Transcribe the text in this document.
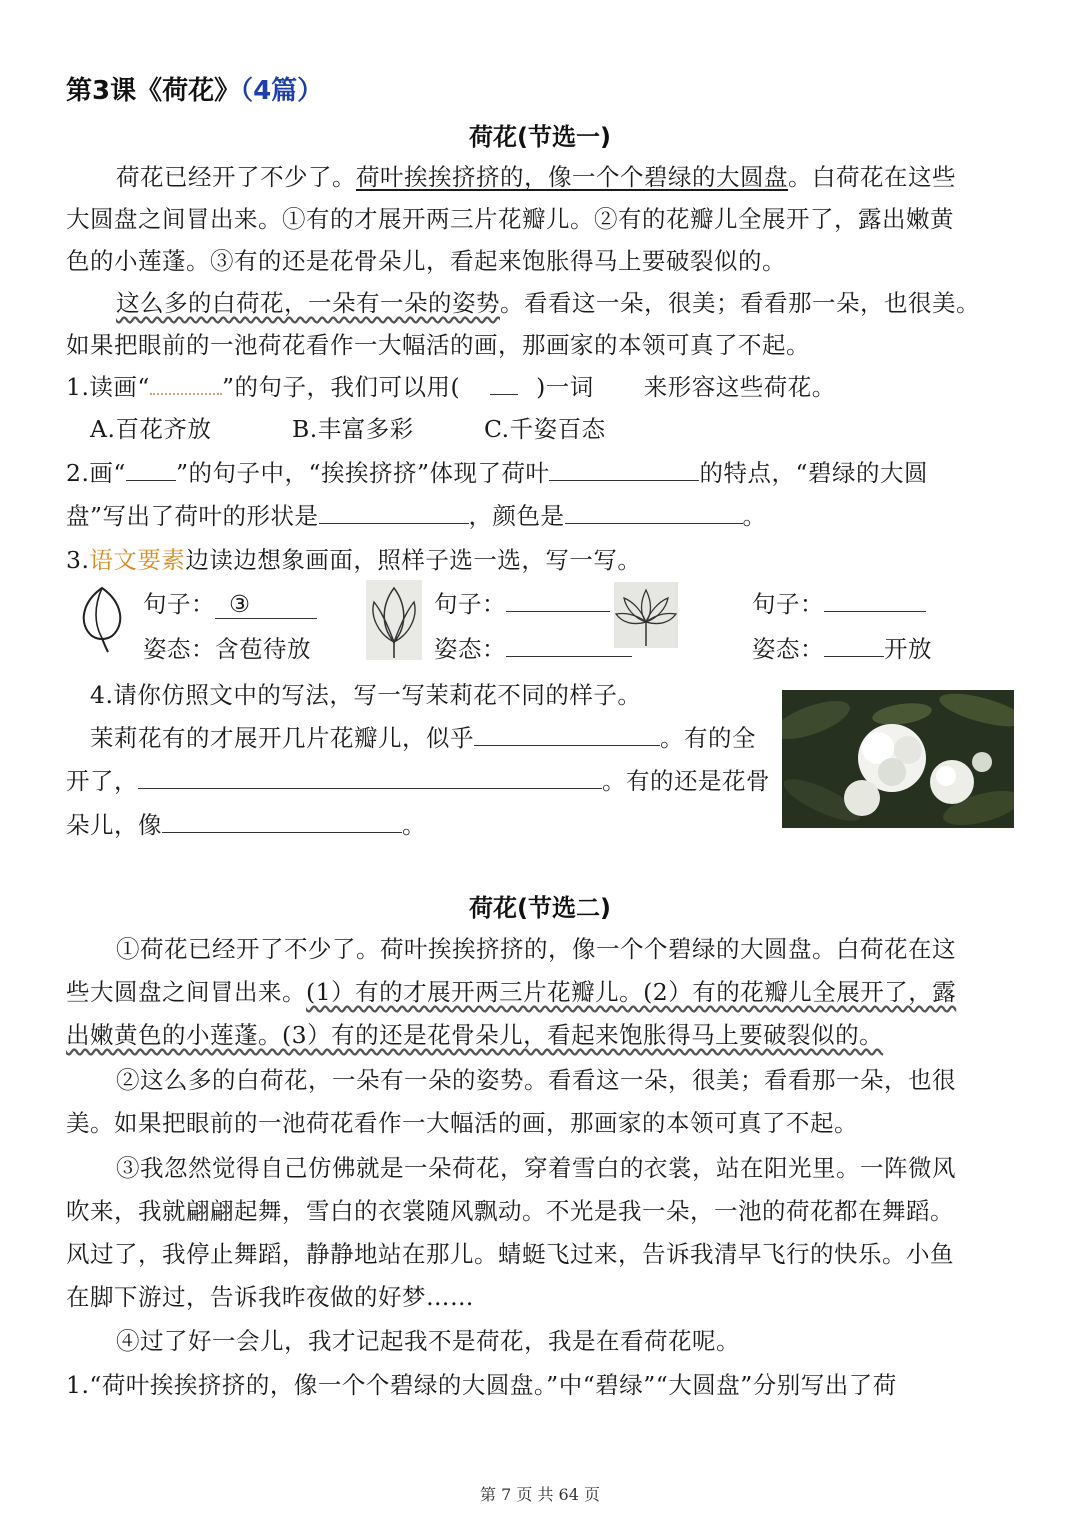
第3课《荷花》（4篇）
荷花(节选一)
荷花已经开了不少了。荷叶挨挨挤挤的，像一个个碧绿的大圆盘。白荷花在这些
大圆盘之间冒出来。①有的才展开两三片花瓣儿。②有的花瓣儿全展开了，露出嫩黄
色的小莲蓬。③有的还是花骨朵儿，看起来饱胀得马上要破裂似的。
这么多的白荷花，一朵有一朵的姿势。看看这一朵，很美；看看那一朵，也很美。
如果把眼前的一池荷花看作一大幅活的画，那画家的本领可真了不起。
1.读画“	”的句子，我们可以用(	)一词 来形容这些荷花。
A.百花齐放	B.丰富多彩	C.千姿百态
2.画“ ”的句子中，“挨挨挤挤”体现了荷叶	的特点，“碧绿的大圆
盘”写出了荷叶的形状是	，颜色是	。
3.语文要素边读边想象画面，照样子选一选，写一写。
句子： ③
姿态：含苞待放
句子：
姿态：
句子：
姿态：	开放
4.请你仿照文中的写法，写一写茉莉花不同的样子。
茉莉花有的才展开几片花瓣儿，似乎	。有的全
开了，	。有的还是花骨
朵儿，像	。
荷花(节选二)
①荷花已经开了不少了。荷叶挨挨挤挤的，像一个个碧绿的大圆盘。白荷花在这
些大圆盘之间冒出来。(1）有的才展开两三片花瓣儿。(2）有的花瓣儿全展开了，露
出嫩黄色的小莲蓬。(3）有的还是花骨朵儿，看起来饱胀得马上要破裂似的。
②这么多的白荷花，一朵有一朵的姿势。看看这一朵，很美；看看那一朵，也很
美。如果把眼前的一池荷花看作一大幅活的画，那画家的本领可真了不起。
③我忽然觉得自己仿佛就是一朵荷花，穿着雪白的衣裳，站在阳光里。一阵微风
吹来，我就翩翩起舞，雪白的衣裳随风飘动。不光是我一朵，一池的荷花都在舞蹈。
风过了，我停止舞蹈，静静地站在那儿。蜻蜓飞过来，告诉我清早飞行的快乐。小鱼
在脚下游过，告诉我昨夜做的好梦……
④过了好一会儿，我才记起我不是荷花，我是在看荷花呢。
1.“荷叶挨挨挤挤的，像一个个碧绿的大圆盘。”中“碧绿”“大圆盘”分别写出了荷
第 7 页 共 64 页
